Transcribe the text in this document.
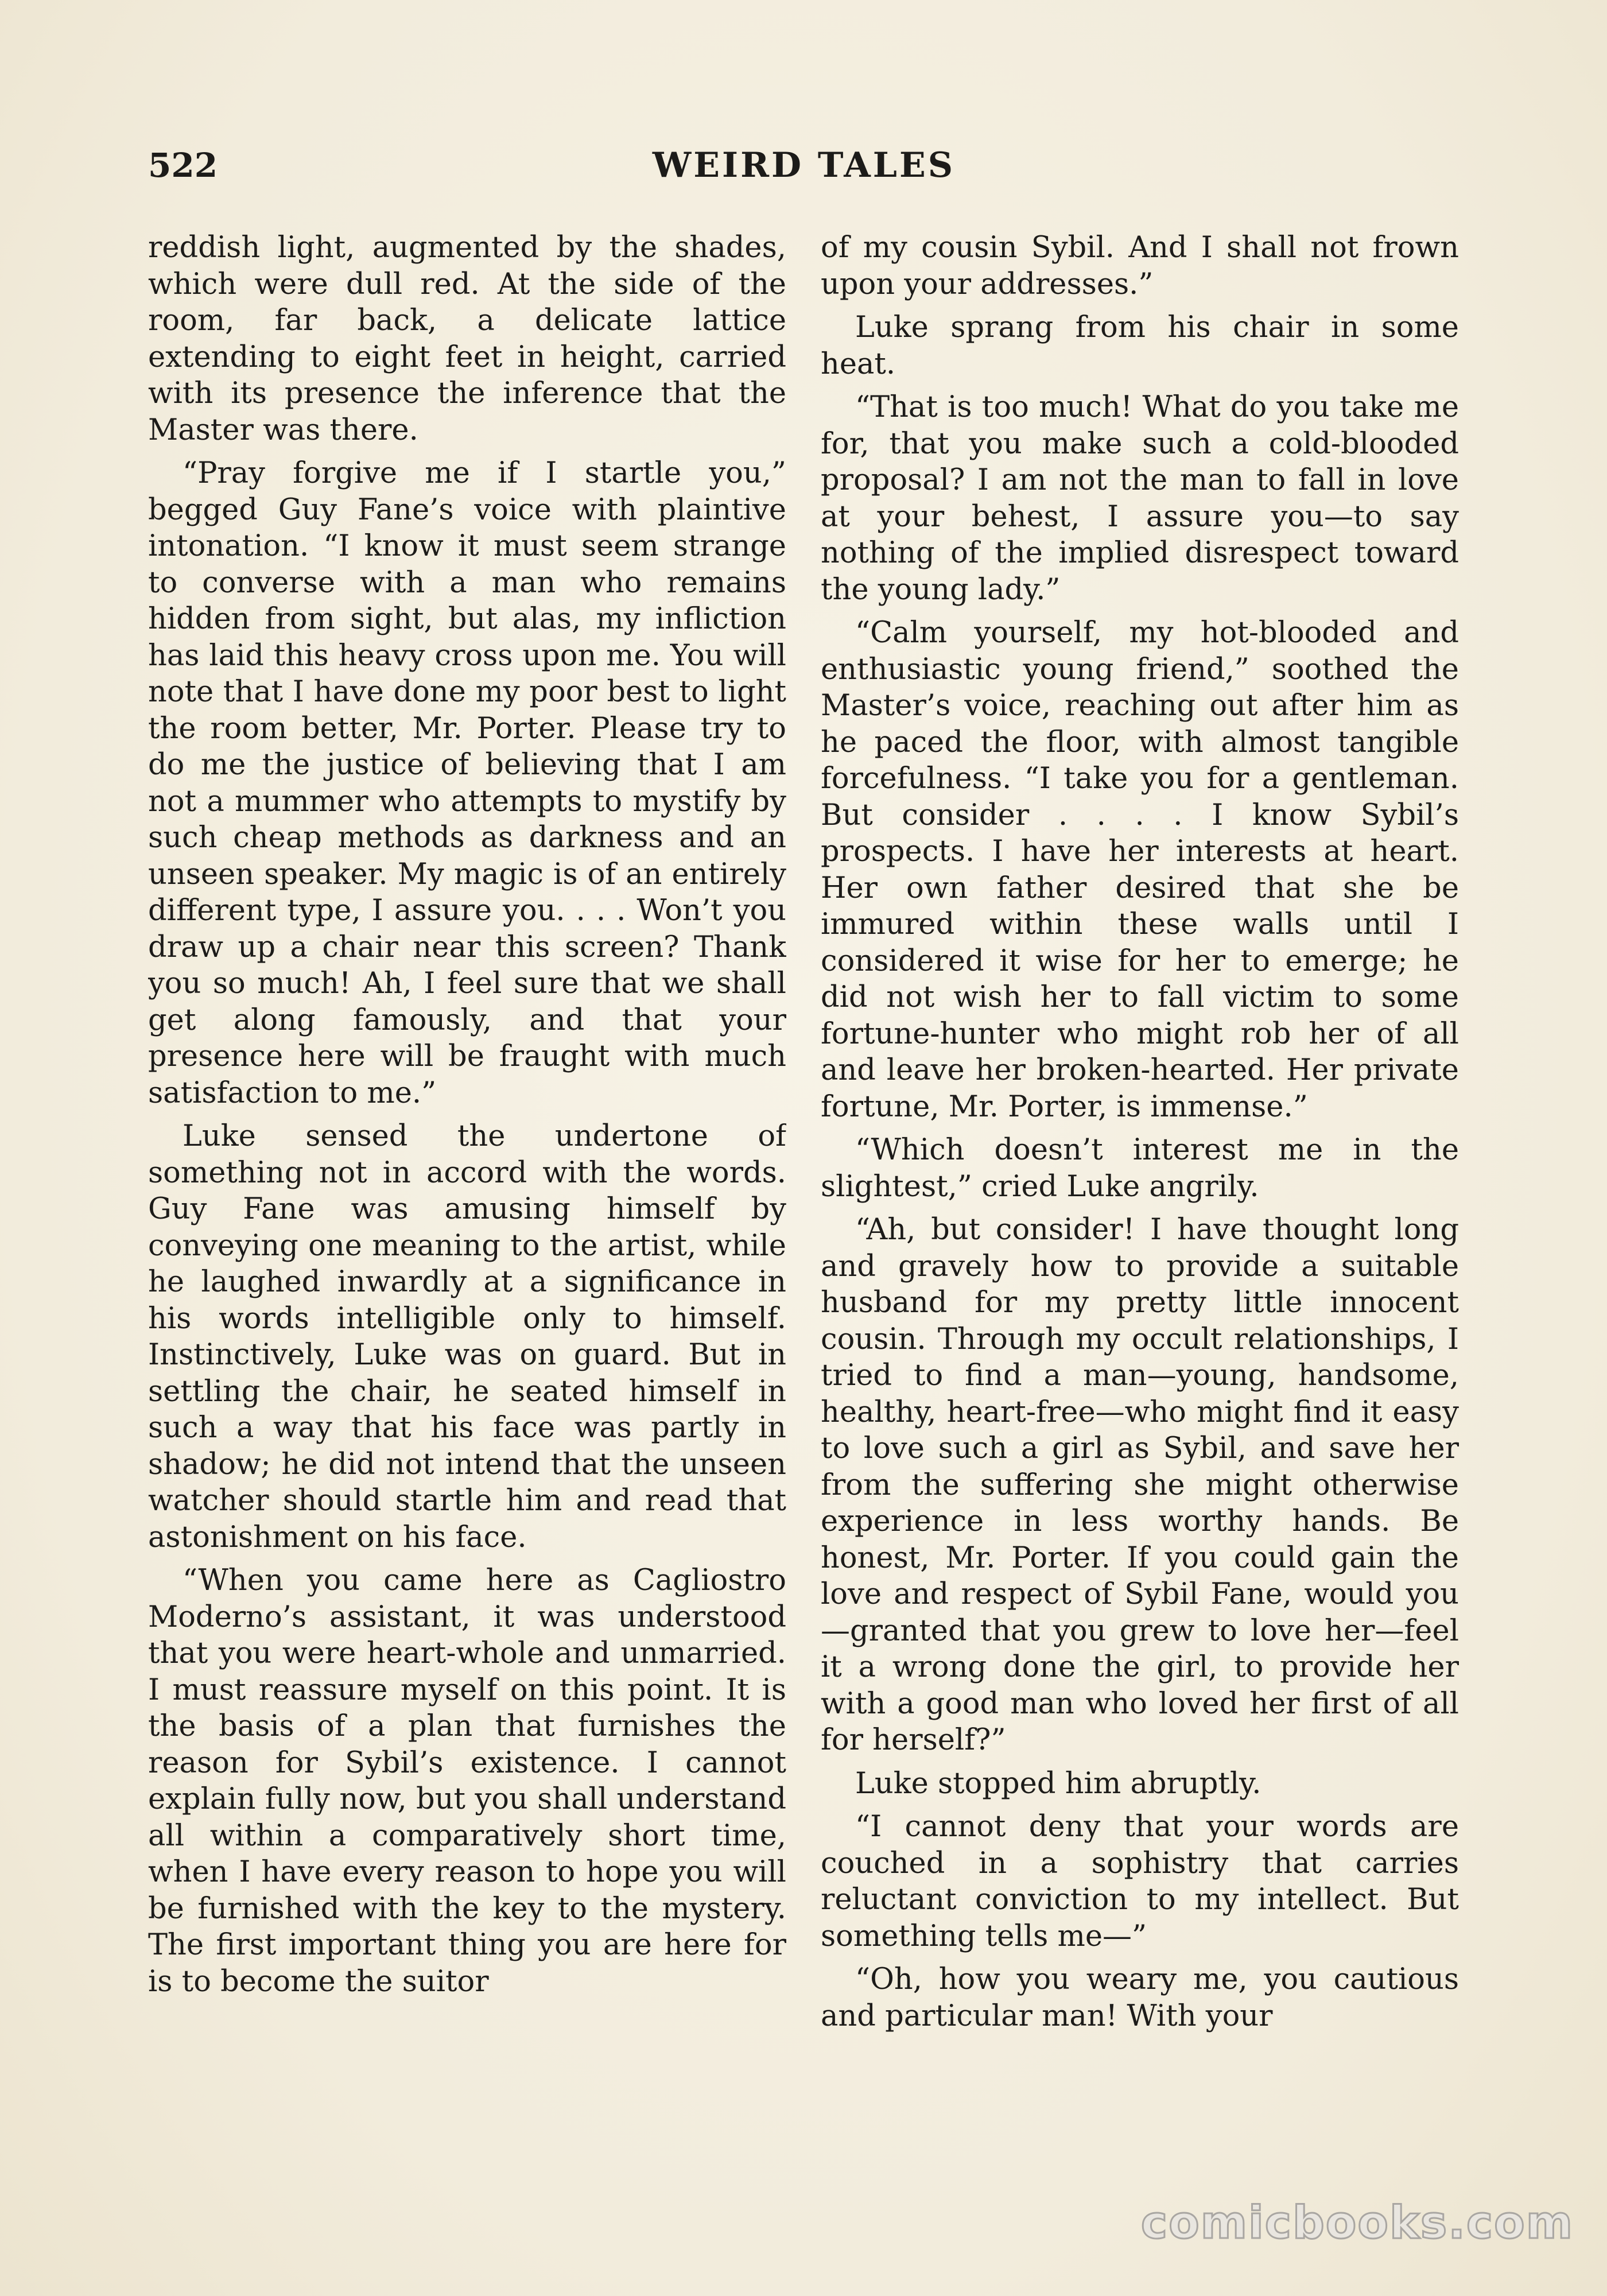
522	WEIRD TALES

reddish light, augmented by the shades, which were dull red. At the side of the room, far back, a delicate lattice extending to eight feet in height, carried with its presence the inference that the Master was there.

“Pray forgive me if I startle you,” begged Guy Fane’s voice with plaintive intonation. “I know it must seem strange to converse with a man who remains hidden from sight, but alas, my infliction has laid this heavy cross upon me. You will note that I have done my poor best to light the room better, Mr. Porter. Please try to do me the justice of believing that I am not a mummer who attempts to mystify by such cheap methods as darkness and an unseen speaker. My magic is of an entirely different type, I assure you. . . . Won’t you draw up a chair near this screen? Thank you so much! Ah, I feel sure that we shall get along famously, and that your presence here will be fraught with much satisfaction to me.”

Luke sensed the undertone of something not in accord with the words. Guy Fane was amusing himself by conveying one meaning to the artist, while he laughed inwardly at a significance in his words intelligible only to himself. Instinctively, Luke was on guard. But in settling the chair, he seated himself in such a way that his face was partly in shadow; he did not intend that the unseen watcher should startle him and read that astonishment on his face.

“When you came here as Cagliostro Moderno’s assistant, it was understood that you were heart-whole and unmarried. I must reassure myself on this point. It is the basis of a plan that furnishes the reason for Sybil’s existence. I cannot explain fully now, but you shall understand all within a comparatively short time, when I have every reason to hope you will be furnished with the key to the mystery. The first important thing you are here for is to become the suitor

of my cousin Sybil. And I shall not frown upon your addresses.”

Luke sprang from his chair in some heat.

“That is too much! What do you take me for, that you make such a cold-blooded proposal? I am not the man to fall in love at your behest, I assure you—to say nothing of the implied disrespect toward the young lady.”

“Calm yourself, my hot-blooded and enthusiastic young friend,” soothed the Master’s voice, reaching out after him as he paced the floor, with almost tangible forcefulness. “I take you for a gentleman. But consider . . . . I know Sybil’s prospects. I have her interests at heart. Her own father desired that she be immured within these walls until I considered it wise for her to emerge; he did not wish her to fall victim to some fortune-hunter who might rob her of all and leave her broken-hearted. Her private fortune, Mr. Porter, is immense.”

“Which doesn’t interest me in the slightest,” cried Luke angrily.

“Ah, but consider! I have thought long and gravely how to provide a suitable husband for my pretty little innocent cousin. Through my occult relationships, I tried to find a man—young, handsome, healthy, heart-free—who might find it easy to love such a girl as Sybil, and save her from the suffering she might otherwise experience in less worthy hands. Be honest, Mr. Porter. If you could gain the love and respect of Sybil Fane, would you—granted that you grew to love her—feel it a wrong done the girl, to provide her with a good man who loved her first of all for herself?”

Luke stopped him abruptly.

“I cannot deny that your words are couched in a sophistry that carries reluctant conviction to my intellect. But something tells me—”

“Oh, how you weary me, you cautious and particular man! With your

comicbooks.com
